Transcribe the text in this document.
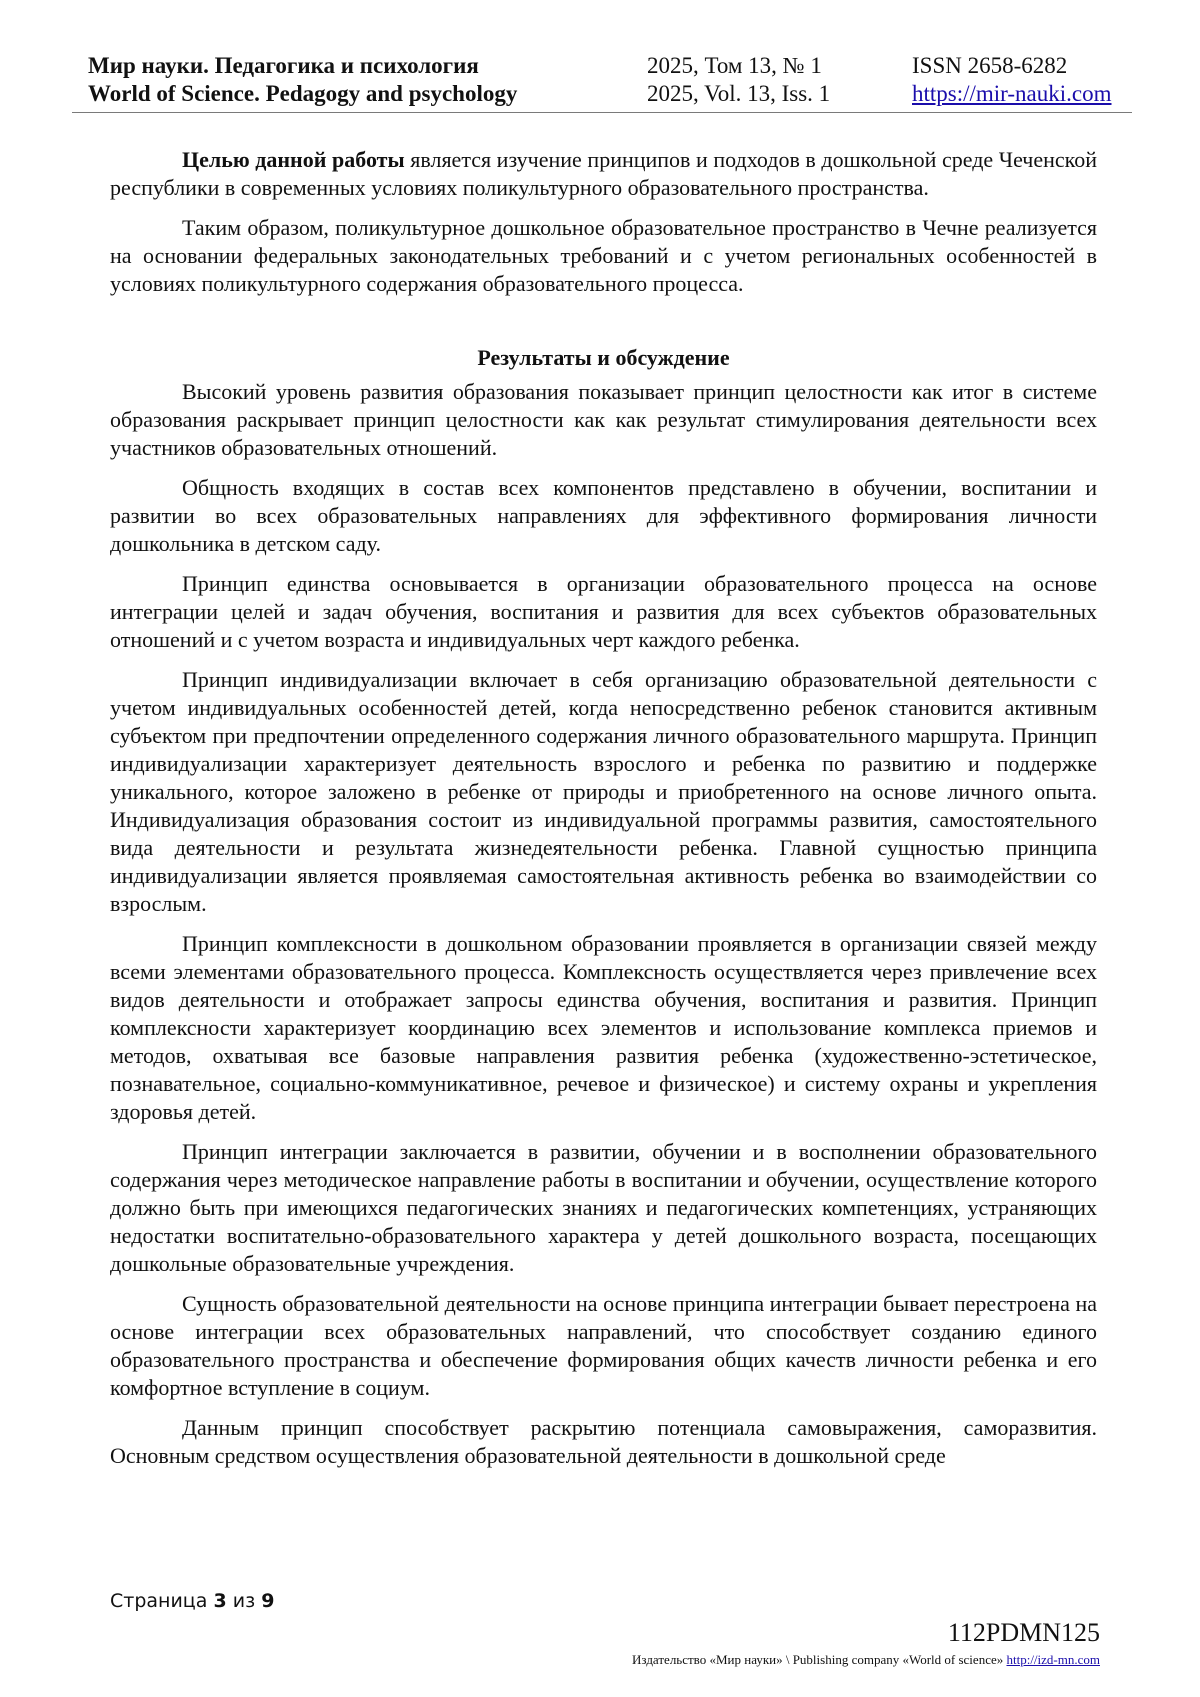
Мир науки. Педагогика и психология	2025, Том 13, № 1	ISSN 2658-6282
World of Science. Pedagogy and psychology	2025, Vol. 13, Iss. 1	https://mir-nauki.com

Целью данной работы является изучение принципов и подходов в дошкольной среде Чеченской республики в современных условиях поликультурного образовательного пространства.

Таким образом, поликультурное дошкольное образовательное пространство в Чечне реализуется на основании федеральных законодательных требований и с учетом региональных особенностей в условиях поликультурного содержания образовательного процесса.

Результаты и обсуждение

Высокий уровень развития образования показывает принцип целостности как итог в системе образования раскрывает принцип целостности как как результат стимулирования деятельности всех участников образовательных отношений.

Общность входящих в состав всех компонентов представлено в обучении, воспитании и развитии во всех образовательных направлениях для эффективного формирования личности дошкольника в детском саду.

Принцип единства основывается в организации образовательного процесса на основе интеграции целей и задач обучения, воспитания и развития для всех субъектов образовательных отношений и с учетом возраста и индивидуальных черт каждого ребенка.

Принцип индивидуализации включает в себя организацию образовательной деятельности с учетом индивидуальных особенностей детей, когда непосредственно ребенок становится активным субъектом при предпочтении определенного содержания личного образовательного маршрута. Принцип индивидуализации характеризует деятельность взрослого и ребенка по развитию и поддержке уникального, которое заложено в ребенке от природы и приобретенного на основе личного опыта. Индивидуализация образования состоит из индивидуальной программы развития, самостоятельного вида деятельности и результата жизнедеятельности ребенка. Главной сущностью принципа индивидуализации является проявляемая самостоятельная активность ребенка во взаимодействии со взрослым.

Принцип комплексности в дошкольном образовании проявляется в организации связей между всеми элементами образовательного процесса. Комплексность осуществляется через привлечение всех видов деятельности и отображает запросы единства обучения, воспитания и развития. Принцип комплексности характеризует координацию всех элементов и использование комплекса приемов и методов, охватывая все базовые направления развития ребенка (художественно-эстетическое, познавательное, социально-коммуникативное, речевое и физическое) и систему охраны и укрепления здоровья детей.

Принцип интеграции заключается в развитии, обучении и в восполнении образовательного содержания через методическое направление работы в воспитании и обучении, осуществление которого должно быть при имеющихся педагогических знаниях и педагогических компетенциях, устраняющих недостатки воспитательно-образовательного характера у детей дошкольного возраста, посещающих дошкольные образовательные учреждения.

Сущность образовательной деятельности на основе принципа интеграции бывает перестроена на основе интеграции всех образовательных направлений, что способствует созданию единого образовательного пространства и обеспечение формирования общих качеств личности ребенка и его комфортное вступление в социум.

Данным принцип способствует раскрытию потенциала самовыражения, саморазвития. Основным средством осуществления образовательной деятельности в дошкольной среде

Страница 3 из 9
112PDMN125
Издательство «Мир науки» \ Publishing company «World of science» http://izd-mn.com
